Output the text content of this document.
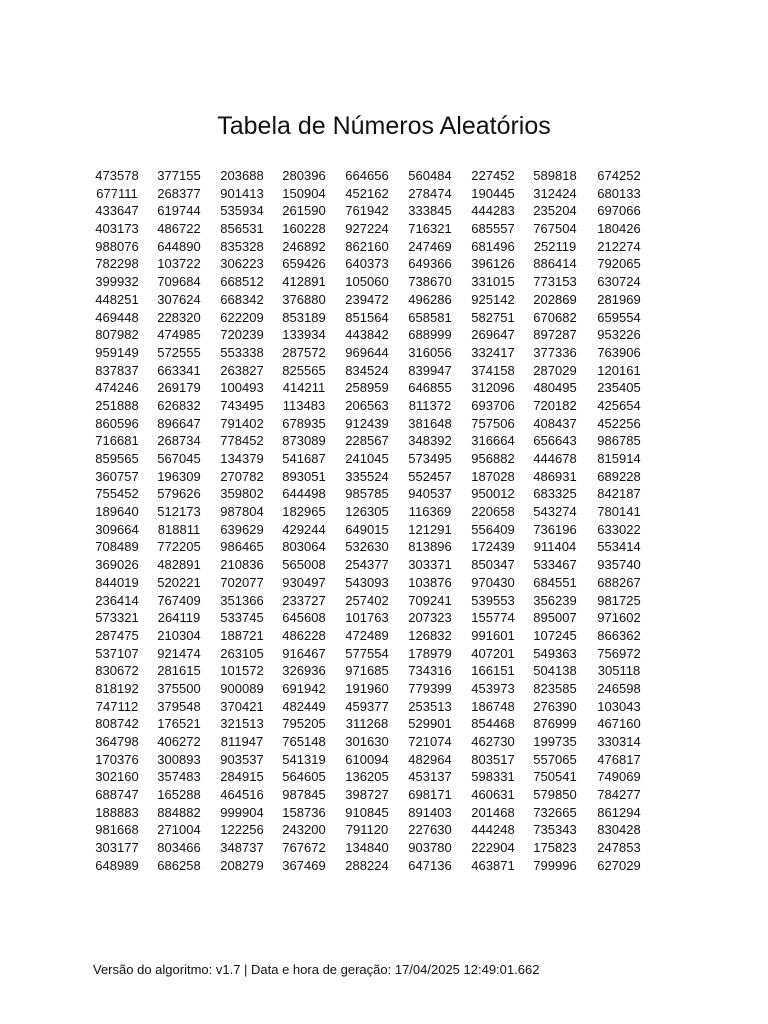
Tabela de Números Aleatórios
473578	377155	203688	280396	664656	560484	227452	589818	674252
677111	268377	901413	150904	452162	278474	190445	312424	680133
433647	619744	535934	261590	761942	333845	444283	235204	697066
403173	486722	856531	160228	927224	716321	685557	767504	180426
988076	644890	835328	246892	862160	247469	681496	252119	212274
782298	103722	306223	659426	640373	649366	396126	886414	792065
399932	709684	668512	412891	105060	738670	331015	773153	630724
448251	307624	668342	376880	239472	496286	925142	202869	281969
469448	228320	622209	853189	851564	658581	582751	670682	659554
807982	474985	720239	133934	443842	688999	269647	897287	953226
959149	572555	553338	287572	969644	316056	332417	377336	763906
837837	663341	263827	825565	834524	839947	374158	287029	120161
474246	269179	100493	414211	258959	646855	312096	480495	235405
251888	626832	743495	113483	206563	811372	693706	720182	425654
860596	896647	791402	678935	912439	381648	757506	408437	452256
716681	268734	778452	873089	228567	348392	316664	656643	986785
859565	567045	134379	541687	241045	573495	956882	444678	815914
360757	196309	270782	893051	335524	552457	187028	486931	689228
755452	579626	359802	644498	985785	940537	950012	683325	842187
189640	512173	987804	182965	126305	116369	220658	543274	780141
309664	818811	639629	429244	649015	121291	556409	736196	633022
708489	772205	986465	803064	532630	813896	172439	911404	553414
369026	482891	210836	565008	254377	303371	850347	533467	935740
844019	520221	702077	930497	543093	103876	970430	684551	688267
236414	767409	351366	233727	257402	709241	539553	356239	981725
573321	264119	533745	645608	101763	207323	155774	895007	971602
287475	210304	188721	486228	472489	126832	991601	107245	866362
537107	921474	263105	916467	577554	178979	407201	549363	756972
830672	281615	101572	326936	971685	734316	166151	504138	305118
818192	375500	900089	691942	191960	779399	453973	823585	246598
747112	379548	370421	482449	459377	253513	186748	276390	103043
808742	176521	321513	795205	311268	529901	854468	876999	467160
364798	406272	811947	765148	301630	721074	462730	199735	330314
170376	300893	903537	541319	610094	482964	803517	557065	476817
302160	357483	284915	564605	136205	453137	598331	750541	749069
688747	165288	464516	987845	398727	698171	460631	579850	784277
188883	884882	999904	158736	910845	891403	201468	732665	861294
981668	271004	122256	243200	791120	227630	444248	735343	830428
303177	803466	348737	767672	134840	903780	222904	175823	247853
648989	686258	208279	367469	288224	647136	463871	799996	627029
Versão do algoritmo: v1.7 | Data e hora de geração: 17/04/2025 12:49:01.662
